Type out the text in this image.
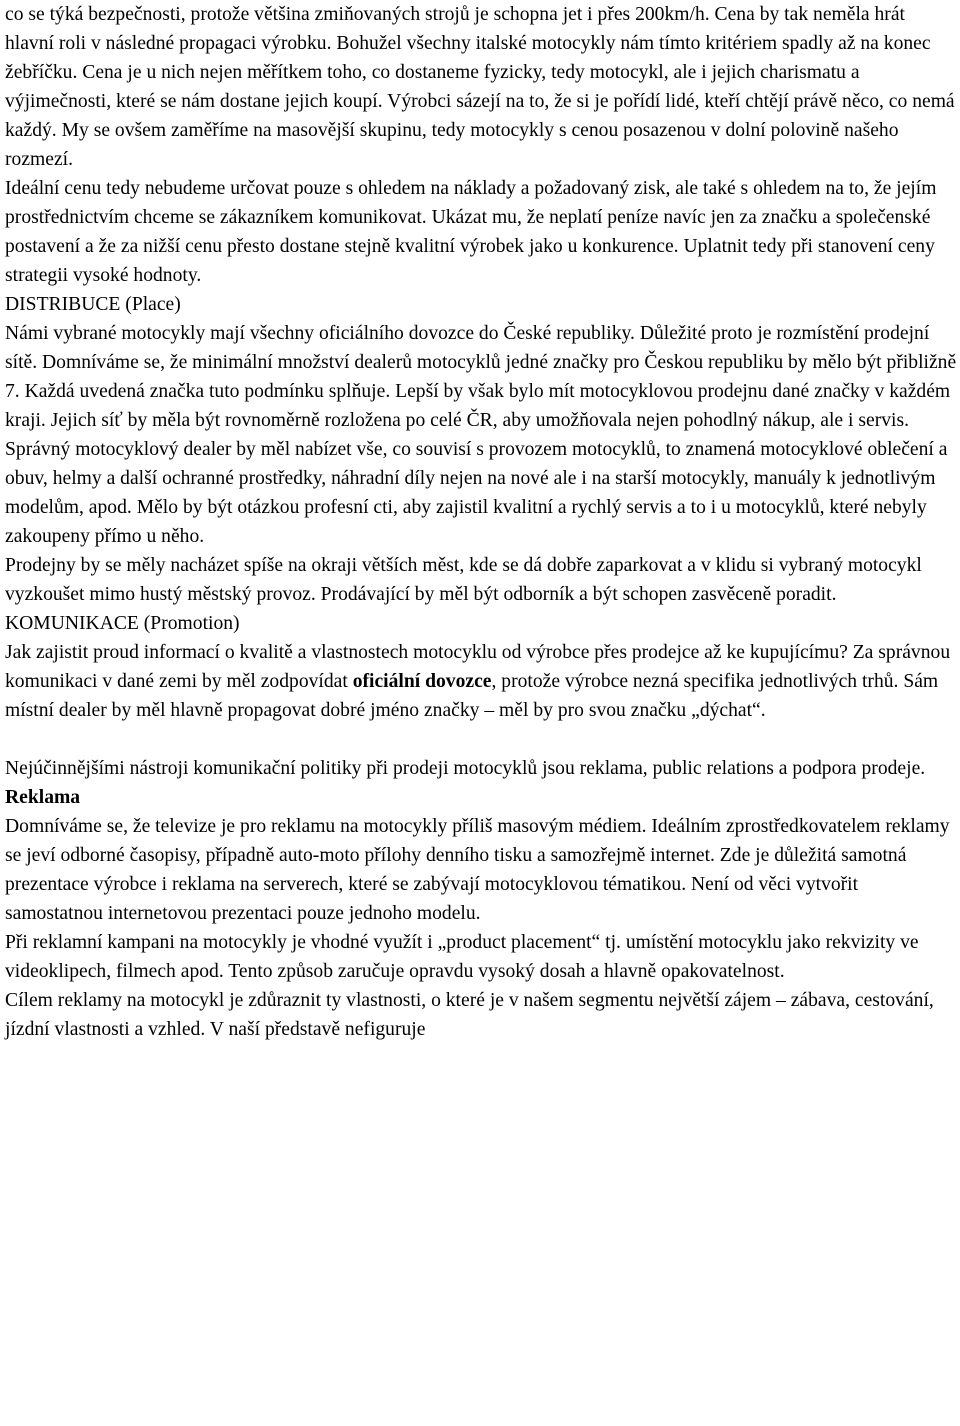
co se týká bezpečnosti, protože většina zmiňovaných strojů je schopna jet i přes 200km/h. Cena by tak neměla hrát hlavní roli v následné propagaci výrobku. Bohužel všechny italské motocykly nám tímto kritériem spadly až na konec žebříčku. Cena je u nich nejen měřítkem toho, co dostaneme fyzicky, tedy motocykl, ale i jejich charismatu a výjimečnosti, které se nám dostane jejich koupí. Výrobci sázejí na to, že si je pořídí lidé, kteří chtějí právě něco, co nemá každý. My se ovšem zaměříme na masovější skupinu, tedy motocykly s cenou posazenou v dolní polovině našeho rozmezí.

Ideální cenu tedy nebudeme určovat pouze s ohledem na náklady a požadovaný zisk, ale také s ohledem na to, že jejím prostřednictvím chceme se zákazníkem komunikovat. Ukázat mu, že neplatí peníze navíc jen za značku a společenské postavení a že za nižší cenu přesto dostane stejně kvalitní výrobek jako u konkurence. Uplatnit tedy při stanovení ceny strategii vysoké hodnoty.

DISTRIBUCE (Place)

Námi vybrané motocykly mají všechny oficiálního dovozce do České republiky. Důležité proto je rozmístění prodejní sítě. Domníváme se, že minimální množství dealerů motocyklů jedné značky pro Českou republiku by mělo být přibližně 7. Každá uvedená značka tuto podmínku splňuje. Lepší by však bylo mít motocyklovou prodejnu dané značky v každém kraji. Jejich síť by měla být rovnoměrně rozložena po celé ČR, aby umožňovala nejen pohodlný nákup, ale i servis.

Správný motocyklový dealer by měl nabízet vše, co souvisí s provozem motocyklů, to znamená motocyklové oblečení a obuv, helmy a další ochranné prostředky, náhradní díly nejen na nové ale i na starší motocykly, manuály k jednotlivým modelům, apod. Mělo by být otázkou profesní cti, aby zajistil kvalitní a rychlý servis a to i u motocyklů, které nebyly zakoupeny přímo u něho.

Prodejny by se měly nacházet spíše na okraji větších měst, kde se dá dobře zaparkovat a v klidu si vybraný motocykl vyzkoušet mimo hustý městský provoz. Prodávající by měl být odborník a být schopen zasvěceně poradit.

KOMUNIKACE (Promotion)

Jak zajistit proud informací o kvalitě a vlastnostech motocyklu od výrobce přes prodejce až ke kupujícímu? Za správnou komunikaci v dané zemi by měl zodpovídat oficiální dovozce, protože výrobce nezná specifika jednotlivých trhů. Sám místní dealer by měl hlavně propagovat dobré jméno značky – měl by pro svou značku „dýchat“.

Nejúčinnějšími nástroji komunikační politiky při prodeji motocyklů jsou reklama, public relations a podpora prodeje.

Reklama

Domníváme se, že televize je pro reklamu na motocykly příliš masovým médiem. Ideálním zprostředkovatelem reklamy se jeví odborné časopisy, případně auto-moto přílohy denního tisku a samozřejmě internet. Zde je důležitá samotná prezentace výrobce i reklama na serverech, které se zabývají motocyklovou tématikou. Není od věci vytvořit samostatnou internetovou prezentaci pouze jednoho modelu.

Při reklamní kampani na motocykly je vhodné využít i „product placement“ tj. umístění motocyklu jako rekvizity ve videoklipech, filmech apod. Tento způsob zaručuje opravdu vysoký dosah a hlavně opakovatelnost.

Cílem reklamy na motocykl je zdůraznit ty vlastnosti, o které je v našem segmentu největší zájem – zábava, cestování, jízdní vlastnosti a vzhled. V naší představě nefiguruje
